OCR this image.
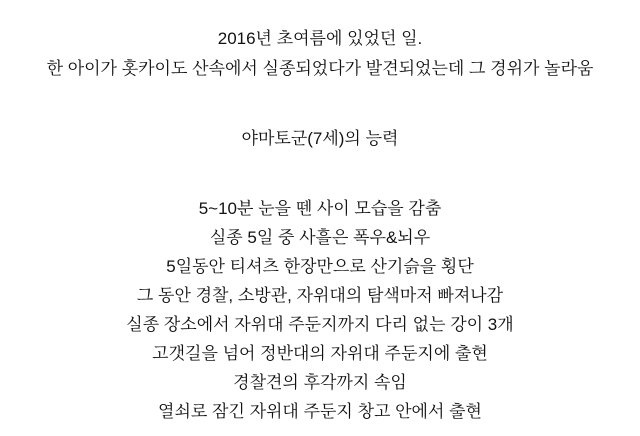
2016년 초여름에 있었던 일.
한 아이가 홋카이도 산속에서 실종되었다가 발견되었는데 그 경위가 놀라움
야마토군(7세)의 능력
5~10분 눈을 뗀 사이 모습을 감춤
실종 5일 중 사흘은 폭우&뇌우
5일동안 티셔츠 한장만으로 산기슭을 횡단
그 동안 경찰, 소방관, 자위대의 탐색마저 빠져나감
실종 장소에서 자위대 주둔지까지 다리 없는 강이 3개
고갯길을 넘어 정반대의 자위대 주둔지에 출현
경찰견의 후각까지 속임
열쇠로 잠긴 자위대 주둔지 창고 안에서 출현
